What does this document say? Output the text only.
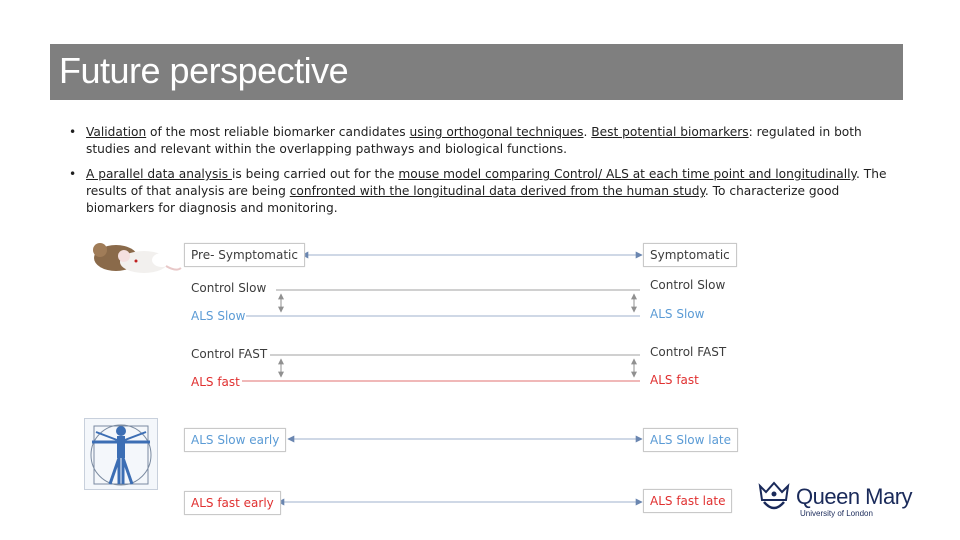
Future perspective
• Validation of the most reliable biomarker candidates using orthogonal techniques. Best potential biomarkers: regulated in both studies and relevant within the overlapping pathways and biological functions.
• A parallel data analysis is being carried out for the mouse model comparing Control/ ALS at each time point and longitudinally. The results of that analysis are being confronted with the longitudinal data derived from the human study. To characterize good biomarkers for diagnosis and monitoring.
Pre- Symptomatic	Symptomatic
Control Slow	Control Slow
ALS Slow	ALS Slow
Control FAST	Control FAST
ALS fast	ALS fast
ALS Slow early	ALS Slow late
ALS fast early	ALS fast late	Queen Mary
University of London
